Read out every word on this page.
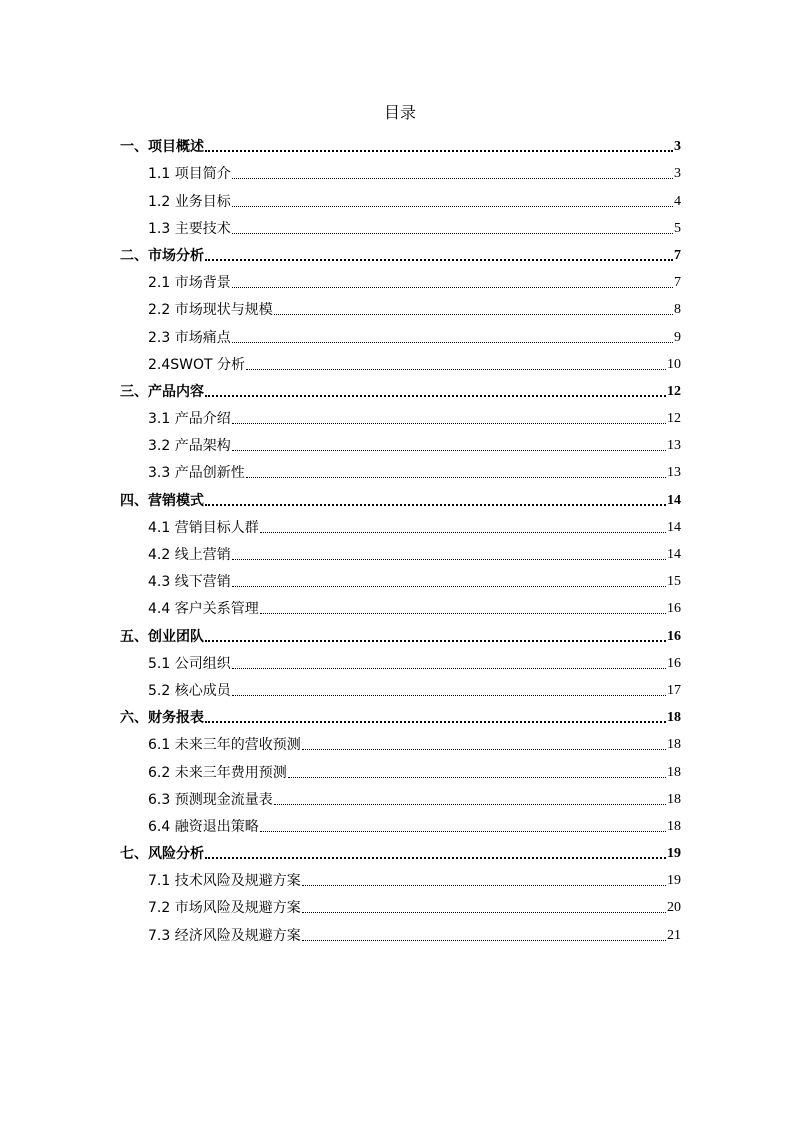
目录
一、项目概述	3
1.1 项目简介	3
1.2 业务目标	4
1.3 主要技术	5
二、市场分析	7
2.1 市场背景	7
2.2 市场现状与规模	8
2.3 市场痛点	9
2.4SWOT 分析	10
三、产品内容	12
3.1 产品介绍	12
3.2 产品架构	13
3.3 产品创新性	13
四、营销模式	14
4.1 营销目标人群	14
4.2 线上营销	14
4.3 线下营销	15
4.4 客户关系管理	16
五、创业团队	16
5.1 公司组织	16
5.2 核心成员	17
六、财务报表	18
6.1 未来三年的营收预测	18
6.2 未来三年费用预测	18
6.3 预测现金流量表	18
6.4 融资退出策略	18
七、风险分析	19
7.1 技术风险及规避方案	19
7.2 市场风险及规避方案	20
7.3 经济风险及规避方案	21
